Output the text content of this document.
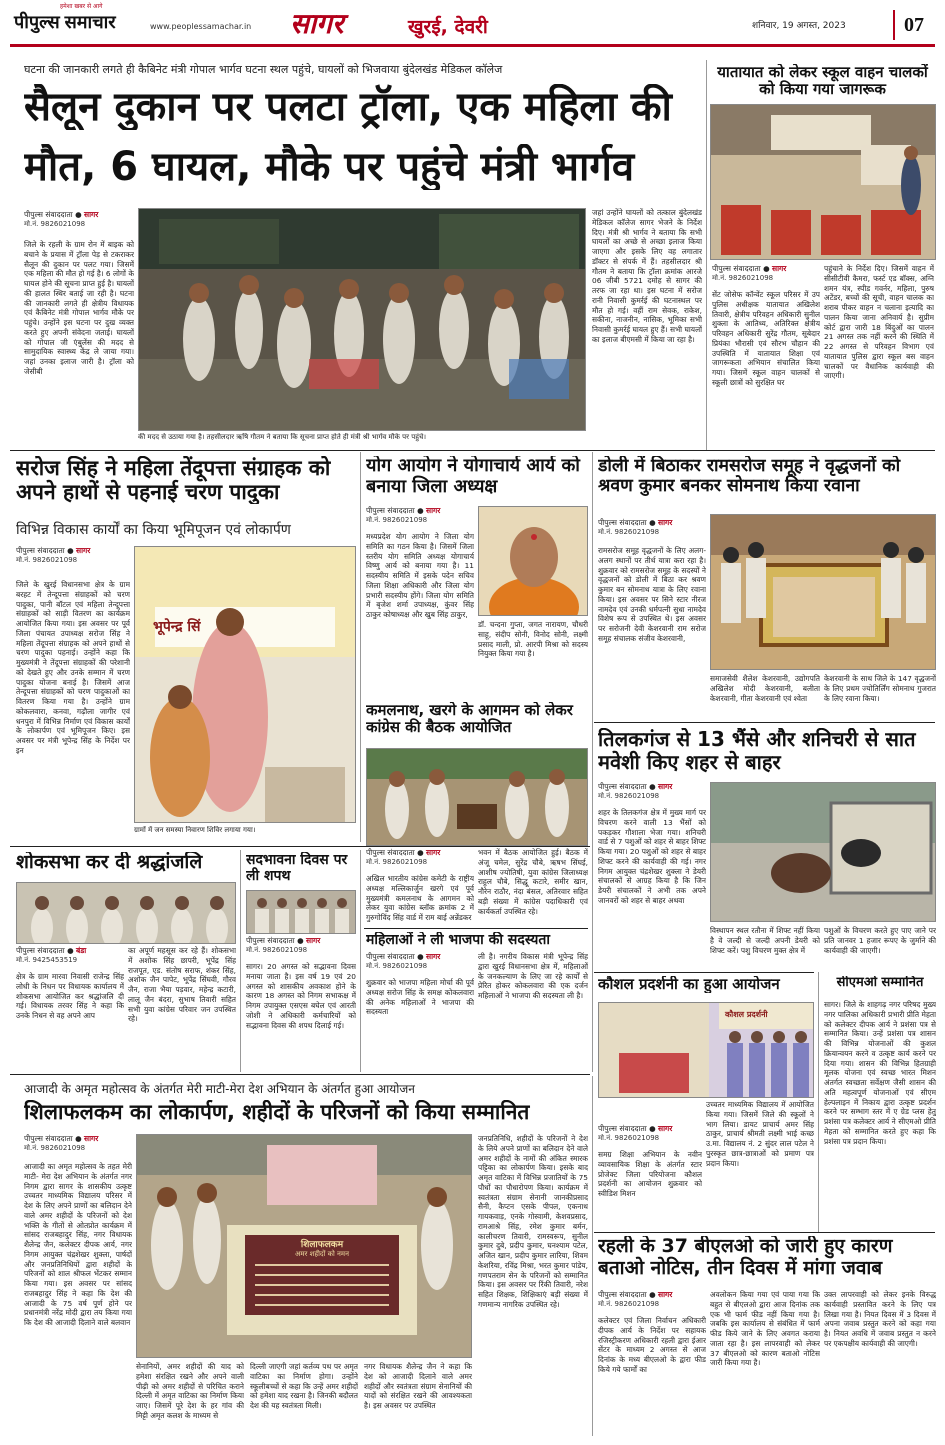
पीपुल्स समाचार
हमेशा खबर से आगे
www.peoplessamachar.in सागर	खुरई, देवरी	शनिवार, 19 अगस्त, 2023	07
घटना की जानकारी लगते ही कैबिनेट मंत्री गोपाल भार्गव घटना स्थल पहुंचे, घायलों को भिजवाया बुंदेलखंड मेडिकल कॉलेज
सैलून दुकान पर पलटा ट्रॉला, एक महिला की
मौत, 6 घायल, मौके पर पहुंचे मंत्री भार्गव
पीपुल्स संवाददाता ● सागर
मो.नं. 9826021098
जिले के रहली के ग्राम रोन में बाइक को बचाने के प्रयास में ट्रॉला पेड़ से टकराकर सैलून की दुकान पर पलट गया। जिसमें एक महिला की मौत हो गई है। 6 लोगों के घायल होने की सूचना प्राप्त हुई है। घायलों की हालत स्थिर बताई जा रही है। घटना की जानकारी लगते ही क्षेत्रीय विधायक एवं कैबिनेट मंत्री गोपाल भार्गव मौके पर पहुंचे। उन्होंने इस घटना पर दुख व्यक्त करते हुए अपनी संवेदना जताई। घायलों को गोपाल जी एंबुलेंस की मदद से सामुदायिक स्वास्थ्य केंद्र ले जाया गया। जहां उनका इलाज जारी है। ट्रॉला को जेसीबी
की मदद से उठाया गया है। तहसीलदार ऋषि गौतम ने बताया कि सूचना प्राप्त होते ही मंत्री श्री भार्गव मौके पर पहुंचे।
जहां उन्होंने घायलों को तत्काल बुंदेलखंड मेडिकल कॉलेज सागर भेजने के निर्देश दिए। मंत्री श्री भार्गव ने बताया कि सभी घायलों का अच्छे से अच्छा इलाज किया जाएगा और इसके लिए वह लगातार डॉक्टर से संपर्क में हैं। तहसीलदार श्री गौतम ने बताया कि ट्रॉला क्रमांक आरजे 06 जीबी 5721 दमोह से सागर की तरफ जा रहा था। इस घटना में सरोज रानी निवासी कुमर्रई की घटनास्थल पर मौत हो गई। वहीं राम सेवक, राकेश, सकीना, नाजनीन, नासिक, भूमिका सभी निवासी कुमर्रई घायल हुए हैं। सभी घायलों का इलाज बीएमसी में किया जा रहा है।
यातायात को लेकर स्कूल वाहन चालकों को किया गया जागरूक
पीपुल्स संवाददाता ● सागर
मो.नं. 9826021098
सेंट जोसेफ कॉन्वेंट स्कूल परिसर में उप पुलिस अधीक्षक यातायात अखिलेश तिवारी, क्षेत्रीय परिवहन अधिकारी सुनील शुक्ला के आतिथ्य, अतिरिक्त क्षेत्रीय परिवहन अधिकारी सुरेंद्र गौतम, सूबेदार प्रियंका भौरासी एवं सौरभ चौहान की उपस्थिति में यातायात शिक्षा एवं जागरूकता अभियान संचालित किया गया। जिसमें स्कूल वाहन चालकों से स्कूली छात्रों को सुरक्षित घर
पहुंचाने के निर्देश दिए। जिसमें वाहन में सीसीटीवी कैमरा, फर्स्ट एड बॉक्स, अग्नि शमन यंत्र, स्पीड गवर्नर, महिला, पुरुष अटेंडर, बच्चों की सूची, वाहन चालक का शराब पीकर वाहन न चलाना इत्यादि का पालन किया जाना अनिवार्य है। सुप्रीम कोर्ट द्वारा जारी 18 बिंदुओं का पालन 21 अगस्त तक नहीं करने की स्थिति में 22 अगस्त से परिवहन विभाग एवं यातायात पुलिस द्वारा स्कूल बस वाहन चालकों पर वैधानिक कार्यवाही की जाएगी।
सरोज सिंह ने महिला तेंदूपत्ता संग्राहक को अपने हाथों से पहनाई चरण पादुका
विभिन्न विकास कार्यों का किया भूमिपूजन एवं लोकार्पण
पीपुल्स संवाददाता ● सागर
मो.नं. 9826021098
जिले के खुरई विधानसभा क्षेत्र के ग्राम बरहट में तेन्दूपत्ता संग्राहकों को चरण पादुका, पानी बॉटल एवं महिला तेन्दूपत्ता संग्राहकों को साड़ी वितरण का कार्यक्रम आयोजित किया गया। इस अवसर पर पूर्व जिला पंचायत उपाध्यक्ष सरोज सिंह ने महिला तेंदूपत्ता संग्राहक को अपने हाथों से चरण पादुका पहनाई। उन्होंने कहा कि मुख्यमंत्री ने तेंदूपत्ता संग्राहकों की परेशानी को देखते हुए और उनके सम्मान में चरण पादुका योजना बनाई है। जिसमें आज तेन्दूपत्ता संग्राहकों को चरण पादुकाओं का वितरण किया गया है। उन्होंने ग्राम कोकलवारा, कनवा, गढ़ौला जागीर एवं धनपुरा में विभिन्न निर्माण एवं विकास कार्यों के लोकार्पण एवं भूमिपूजन किए। इस अवसर पर मंत्री भूपेन्द्र सिंह के निर्देश पर इन
भूपेन्द्र सिं
ग्रामों में जन समस्या निवारण शिविर लगाया गया।
योग आयोग ने योगाचार्य आर्य को बनाया जिला अध्यक्ष
पीपुल्स संवाददाता ● सागर
मो.नं. 9826021098
मध्यप्रदेश योग आयोग ने जिला योग समिति का गठन किया है। जिसमें जिला स्तरीय योग समिति अध्यक्ष योगाचार्य विष्णु आर्य को बनाया गया है। 11 सदस्यीय समिति में इसके पदेन सचिव जिला शिक्षा अधिकारी और जिला योग प्रभारी सदस्यीय होंगे। जिला योग समिति में बृजेश शर्मा उपाध्यक्ष, कुंवर सिंह ठाकुर कोषाध्यक्ष और खुब सिंह ठाकुर,
डॉ. चन्दना गुप्ता, जगत नारायण, चौधरी साहू, संदीप सोनी, विनोद सोनी, लक्ष्मी प्रसाद माली, प्रो. आरपी मिश्रा को सदस्य नियुक्त किया गया है।
कमलनाथ, खरगे के आगमन को लेकर कांग्रेस की बैठक आयोजित
पीपुल्स संवाददाता ● सागर
मो.नं. 9826021098
अखिल भारतीय कांग्रेस कमेटी के राष्ट्रीय अध्यक्ष मल्लिकार्जुन खरगे एवं पूर्व मुख्यमंत्री कमलनाथ के आगमन को लेकर युवा कांग्रेस ब्लॉक क्रमांक 2 में गुरुगोविंद सिंह वार्ड में राम बाई अन्नेंडकर
भवन में बैठक आयोजित हुई। बैठक में अंजू चमेल, सुरेंद्र चौबे, ऋषभ सिंघई, आशीष ज्योतिषी, युवा कांग्रेस जिलाध्यक्ष राहुल चौबे, सिद्धू कटारे, समीर खान, नौरेन राठौर, नंदा बंसल, अतिरवार सहित बड़ी संख्या में कांग्रेस पदाधिकारी एवं कार्यकर्ता उपस्थित रहे।
डोली में बिठाकर रामसरोज समूह ने वृद्धजनों को श्रवण कुमार बनकर सोमनाथ किया रवाना
पीपुल्स संवाददाता ● सागर
मो.नं. 9826021098
रामसरोज समूह वृद्धजनों के लिए अलग-अलग स्थानों पर तीर्थ यात्रा करा रहा है। शुक्रवार को रामसरोज समूह के सदस्यों ने वृद्धजनों को डोली में बिठा कर श्रवण कुमार बन सोमनाथ यात्रा के लिए रवाना किया। इस अवसर पर सिने स्टार नीरज नामदेव एवं उनकी धर्मपत्नी सुधा नामदेव विशेष रूप से उपस्थित थे। इस अवसर पर सरोजनी देवी केशरवानी राम सरोज समूह संचालक संजीव केशरवानी,
समाजसेवी शैलेश केशरवानी, उद्योगपति अखिलेश मोदी केशरवानी, बलीता केशरवानी, गीता केशरवानी एवं श्वेता
केशरवानी के साथ जिले के 147 वृद्धजनों के लिए प्रथम ज्योतिर्लिंग सोमनाथ गुजरात के लिए रवाना किया।
तिलकगंज से 13 भैंसे और शनिचरी से सात मवेशी किए शहर से बाहर
पीपुल्स संवाददाता ● सागर
मो.नं. 9826021098
शहर के तिलकगंज क्षेत्र में मुख्य मार्ग पर विचरण करने वाली 13 भैंसों को पकड़कर गौशाला भेजा गया। शनिचरी वार्ड से 7 पशुओं को शहर से बाहर शिफ्ट किया गया। 20 पशुओं को शहर से बाहर शिफ्ट करने की कार्यवाही की गई। नगर निगम आयुक्त चंद्रशेखर शुक्ला ने डेयरी संचालकों से आग्रह किया है कि जिन डेयरी संचालकों ने अभी तक अपने जानवरों को शहर से बाहर अथवा
विस्थापन स्थल रतौना में शिफ्ट नहीं किया है वे जल्दी से जल्दी अपनी डेयरी को शिफ्ट करें। पशु विचरण मुक्त क्षेत्र में
पशुओं के विचरण करते हुए पाए जाने पर प्रति जानवर 1 हजार रूपए के जुर्माने की कार्यवाही की जाएगी।
शोकसभा कर दी श्रद्धांजलि
पीपुल्स संवाददाता ● बंडा
मो.नं. 9425453519
क्षेत्र के ग्राम मारवा निवासी राजेन्द्र सिंह लोधी के निधन पर विधायक कार्यालय में शोकसभा आयोजित कर श्रद्धांजलि दी गई। विधायक तरवर सिंह ने कहा कि उनके निधन से वह अपने आप
का अपूर्ण महसूस कर रहे हैं। शोकसभा में अशोक सिंह छापरी, भूपेंद्र सिंह राजपूत, एड. संतोष सराफ, शंकर सिंह, अशोक जैन पापेट, भूपेंद्र सिंघवी, गौरव जैन, राजा भैया पड़वार, महेन्द्र कटारी, लालू जैन बंदरा, सुभाष तिवारी सहित सभी युवा कांग्रेस परिवार जन उपस्थित रहे।
सदभावना दिवस पर ली शपथ
पीपुल्स संवाददाता ● सागर
मो.नं. 9826021098
सागर। 20 अगस्त को सद्भावना दिवस मनाया जाता है। इस वर्ष 19 एवं 20 अगस्त को शासकीय अवकाश होने के कारण 18 अगस्त को निगम सभाकक्ष में निगम उपायुक्त एसएस बघेल एवं आरती जोशी ने अधिकारी कर्मचारियों को सद्भावना दिवस की शपथ दिलाई गई।
महिलाओं ने ली भाजपा की सदस्यता
पीपुल्स संवाददाता ● सागर
मो.नं. 9826021098
शुक्रवार को भाजपा महिला मोर्चा की पूर्व अध्यक्ष सरोज सिंह के समक्ष कोकलवारा की अनेक महिलाओं ने भाजपा की सदस्यता
ली है। नगरीय विकास मंत्री भूपेन्द्र सिंह द्वारा खुरई विधानसभा क्षेत्र में, महिलाओं के जनकल्याण के लिए जा रहे कार्यों से प्रेरित होकर कोकलवारा की एक दर्जन महिलाओं ने भाजपा की सदस्यता ली है।
कौशल प्रदर्शनी का हुआ आयोजन
कौशल प्रदर्शनी
पीपुल्स संवाददाता ● सागर
मो.नं. 9826021098
समग्र शिक्षा अभियान के नवीन व्यावसायिक शिक्षा के अंतर्गत स्टार प्रोजेक्ट जिला परियोजना कौशल प्रदर्शनी का आयोजन शुक्रवार को स्वीडिश मिशन
उच्चतर माध्यमिक विद्यालय में आयोजित किया गया। जिसमें जिले की स्कूलों ने भाग लिया। डायट प्राचार्य अमर सिंह ठाकुर, प्राचार्य श्रीमती लक्ष्मी भाई कच्छ उ.मा. विद्यालय नं. 2 सुंदर लाल पटेल ने पुरस्कृत छात्र-छात्राओं को प्रमाण पत्र प्रदान किया।
सीएमओ सम्मानित
सागर। जिले के शाहगढ़ नगर परिषद मुख्य नगर पालिका अधिकारी प्रभारी प्रीति मेहता को कलेक्टर दीपक आर्य ने प्रशंसा पत्र से सम्मानित किया। उन्हें प्रशंसा पत्र शासन की विभिन्न योजनाओं की कुशल क्रियान्वयन करने व उत्कृष्ट कार्य करने पर दिया गया। शासन की विभिन्न हितग्राही मूलक योजना एवं स्वच्छ भारत मिशन अंतर्गत स्वच्छता सर्वेक्षण जैसी शासन की अति महत्वपूर्ण योजनाओं एवं सीएम हेल्पलाइन में निकाय द्वारा उत्कृष्ट प्रदर्शन करने पर सम्भाग स्तर में ए ग्रेड प्लस हेतु प्रशंसा पत्र कलेक्टर आर्य ने सीएमओ प्रीति मेहता को सम्मानित करते हुए कहा कि प्रशंसा पत्र प्रदान किया।
आजादी के अमृत महोत्सव के अंतर्गत मेरी माटी-मेरा देश अभियान के अंतर्गत हुआ आयोजन
शिलाफलकम का लोकार्पण, शहीदों के परिजनों को किया सम्मानित
पीपुल्स संवाददाता ● सागर
मो.नं. 9826021098
आजादी का अमृत महोत्सव के तहत मेरी माटी- मेरा देश अभियान के अंतर्गत नगर निगम द्वारा सागर के शासकीय उत्कृष्ट उच्चतर माध्यमिक विद्यालय परिसर में देश के लिए अपने प्राणों का बलिदान देने वाले अमर शहीदों के परिजनों को देश भक्ति के गीतों से ओतप्रोत कार्यक्रम में सांसद राजबहादुर सिंह, नगर विधायक शैलेन्द्र जैन, कलेक्टर दीपक आर्य, नगर निगम आयुक्त चंद्रशेखर शुक्ला, पार्षदों और जनप्रतिनिधियों द्वारा शहीदों के परिजनों को शाल श्रीफल भेंटकर सम्मान किया गया। इस अवसर पर सांसद राजबहादुर सिंह ने कहा कि देश की आजादी के 75 वर्ष पूर्ण होने पर प्रधानमंत्री नरेंद्र मोदी द्वारा तय किया गया कि देश की आजादी दिलाने वाले बलवान
शिलाफलकम
अमर शहीदों को नमन
सेनानियों, अमर शहीदों की याद को हमेशा संरक्षित रखने और अपने वाली पीढ़ी को अमर शहीदों से परिचित कराने दिल्ली में अमृत वाटिका का निर्माण किया जाए। जिसमें पूरे देश के हर गांव की मिट्टी अमृत कलश के माध्यम से
दिल्ली जाएगी जहां कर्तव्य पथ पर अमृत वाटिका का निर्माण होगा। उन्होंने स्कूलीबच्चों से कहा कि उन्हें अमर शहीदों को हमेशा याद रखना है। जिनकी बदौलत देश की यह स्वतंत्रता मिली।
नगर विधायक शैलेन्द्र जैन ने कहा कि देश को आजादी दिलाने वाले अमर शहीदों और स्वतंत्रता संग्राम सेनानियों की यादों को संरक्षित रखने की आवश्यकता है। इस अवसर पर उपस्थित
जनप्रतिनिधि, शहीदों के परिजनों ने देश के लिये अपने प्राणों का बलिदान देने वाले अमर शहीदों के नामों की अंकित स्मारक पट्टिका का लोकार्पण किया। इसके बाद अमृत वाटिका में विभिन्न प्रजातियों के 75 पौधों का पौधारोपण किया। कार्यक्रम में स्वतंत्रता संग्राम सेनानी जानकीप्रसाद सैनी, कैप्टन एसके पीपल, एकनाथ गायकवाड़, एनके गोस्वामी, केशवप्रसाद, रामआश्रे सिंह, रमेश कुमार बर्मन, कालीचरण तिवारी, रामस्वरूप, सुनील कुमार दुबे, प्रदीप कुमार, घनश्याम पटेल, अजित खान, प्रदीप कुमार लारिया, शिवम केशरिया, रविंद्र मिश्रा, भरत कुमार पांडेय, गणपतराम सेन के परिजनों को सम्मानित किया। इस अवसर पर रिंकी तिवारी, नरेश सहित शिक्षक, शिक्षिकाएं बड़ी संख्या में गणमान्य नागरिक उपस्थित रहे।
रहली के 37 बीएलओ को जारी हुए कारण बताओ नोटिस, तीन दिवस में मांगा जवाब
पीपुल्स संवाददाता ● सागर
मो.नं. 9826021098
कलेक्टर एवं जिला निर्वाचन अधिकारी दीपक आर्य के निर्देश पर सहायक रजिस्ट्रीकरण अधिकारी रहली द्वारा ईआर सेंटर के माध्यम 2 अगस्त से आज दिनांक के मध्य बीएलओ के द्वारा फीड किये गये फार्मों का
अवलोकन किया गया एवं पाया गया कि बहुत से बीएलओ द्वारा आज दिनांक तक एक भी फार्म फीड नहीं किया गया है। जबकि इस कार्यालय से संबंधित में फार्म फीड किये जाने के लिए अवगत कराया जाता रहा है। इस लापरवाही को लेकर 37 बीएलओ को कारण बताओ नोटिस जारी किया गया है।
उक्त लापरवाही को लेकर इनके विरुद्ध कार्यवाही प्रस्तावित करने के लिए पत्र लिखा गया है। नियत दिवस में 3 दिवस में अपना जवाब प्रस्तुत करने को कहा गया है। नियत अवधि में जवाब प्रस्तुत न करने पर एकपक्षीय कार्यवाही की जाएगी।
